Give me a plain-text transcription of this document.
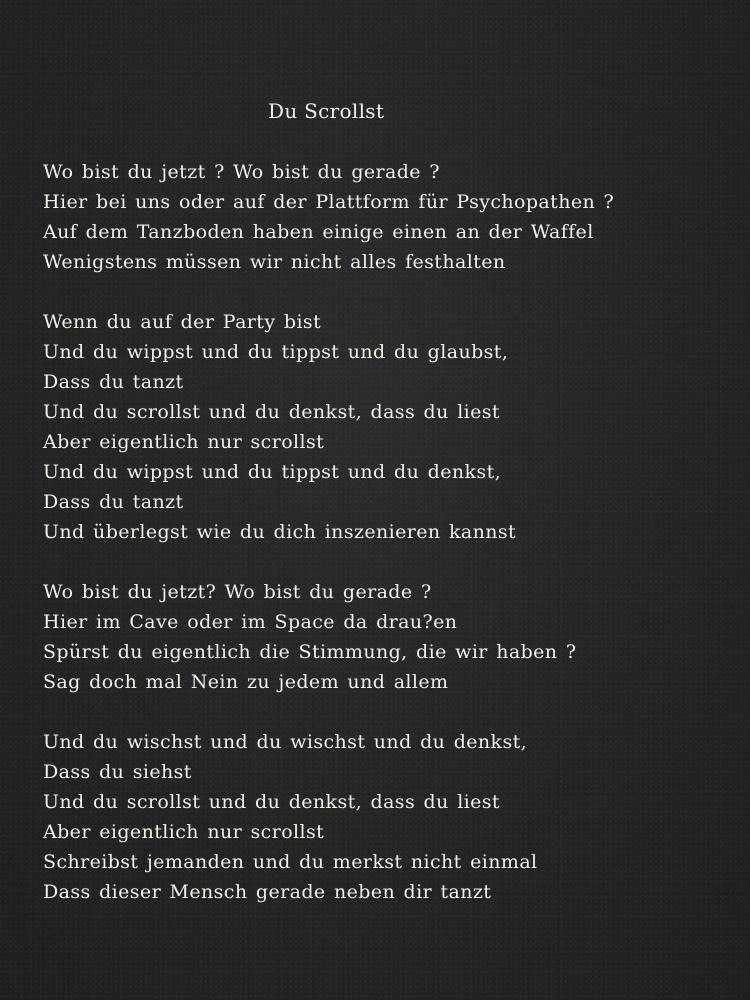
Du Scrollst
Wo bist du jetzt ? Wo bist du gerade ?
Hier bei uns oder auf der Plattform für Psychopathen ?
Auf dem Tanzboden haben einige einen an der Waffel
Wenigstens müssen wir nicht alles festhalten
Wenn du auf der Party bist
Und du wippst und du tippst und du glaubst,
Dass du tanzt
Und du scrollst und du denkst, dass du liest
Aber eigentlich nur scrollst
Und du wippst und du tippst und du denkst,
Dass du tanzt
Und überlegst wie du dich inszenieren kannst
Wo bist du jetzt? Wo bist du gerade ?
Hier im Cave oder im Space da drau?en
Spürst du eigentlich die Stimmung, die wir haben ?
Sag doch mal Nein zu jedem und allem
Und du wischst und du wischst und du denkst,
Dass du siehst
Und du scrollst und du denkst, dass du liest
Aber eigentlich nur scrollst
Schreibst jemanden und du merkst nicht einmal
Dass dieser Mensch gerade neben dir tanzt
